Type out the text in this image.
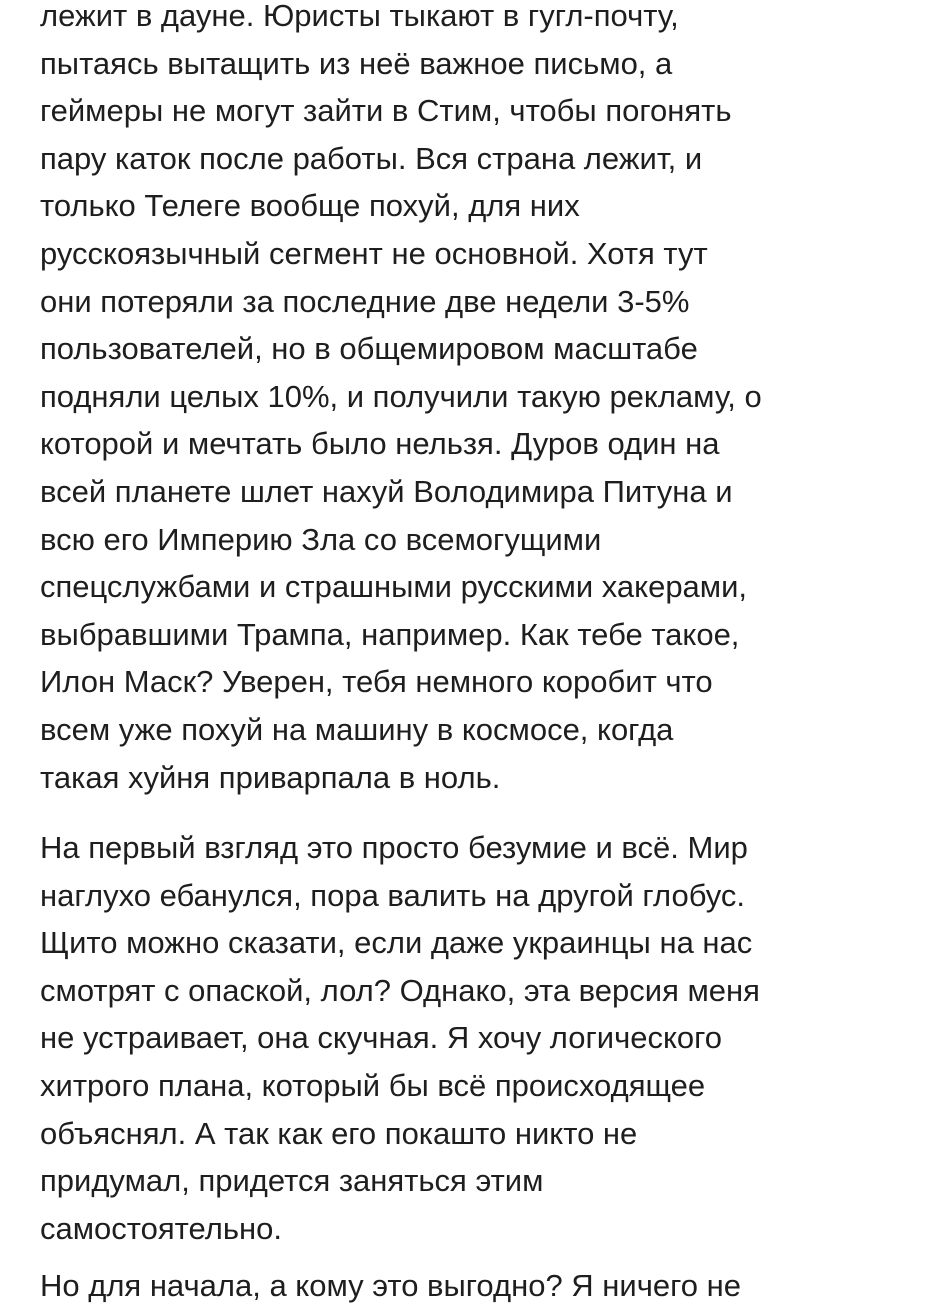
лежит в дауне. Юристы тыкают в гугл-почту,
пытаясь вытащить из неё важное письмо, а
геймеры не могут зайти в Стим, чтобы погонять
пару каток после работы. Вся страна лежит, и
только Телеге вообще похуй, для них
русскоязычный сегмент не основной. Хотя тут
они потеряли за последние две недели 3-5%
пользователей, но в общемировом масштабе
подняли целых 10%, и получили такую рекламу, о
которой и мечтать было нельзя. Дуров один на
всей планете шлет нахуй Володимира Питуна и
всю его Империю Зла со всемогущими
спецслужбами и страшными русскими хакерами,
выбравшими Трампа, например. Как тебе такое,
Илон Маск? Уверен, тебя немного коробит что
всем уже похуй на машину в космосе, когда
такая хуйня приварпала в ноль.

На первый взгляд это просто безумие и всё. Мир
наглухо ебанулся, пора валить на другой глобус.
Щито можно сказати, если даже украинцы на нас
смотрят с опаской, лол? Однако, эта версия меня
не устраивает, она скучная. Я хочу логического
хитрого плана, который бы всё происходящее
объяснял. А так как его покашто никто не
придумал, придется заняться этим
самостоятельно.

Но для начала, а кому это выгодно? Я ничего не
